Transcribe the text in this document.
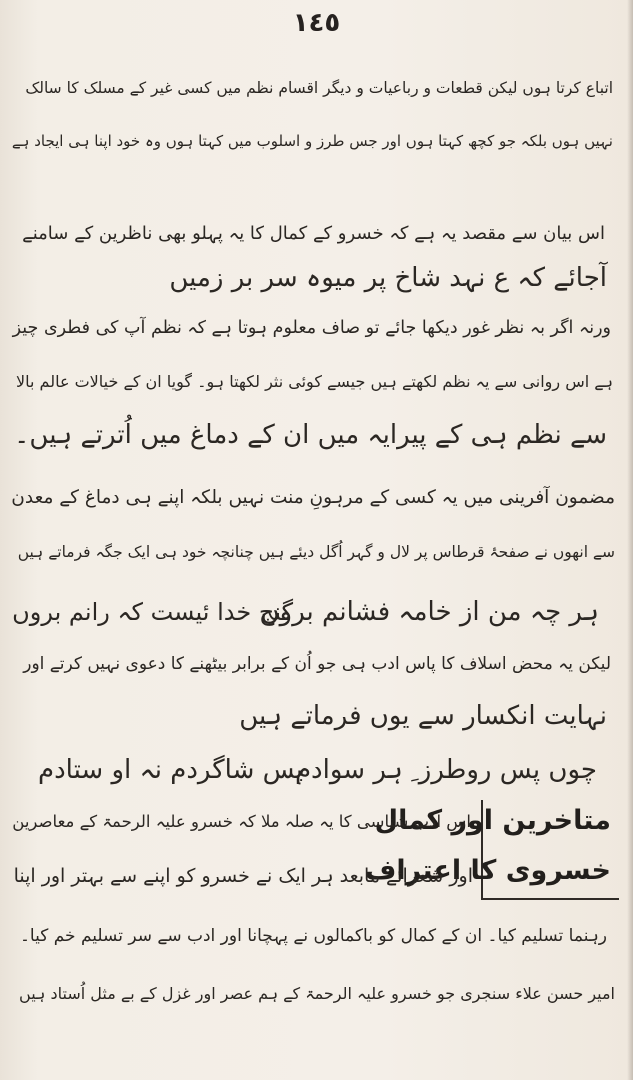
١٤٥
اتباع کرتا ہوں لیکن قطعات و رباعیات و دیگر اقسام نظم میں کسی غیر کے مسلک کا سالک
نہیں ہوں بلکہ جو کچھ کہتا ہوں اور جس طرز و اسلوب میں کہتا ہوں وہ خود اپنا ہی ایجاد ہے
اس بیان سے مقصد یہ ہے کہ خسرو کے کمال کا یہ پہلو بھی ناظرین کے سامنے
آجائے کہ ع نہد شاخ پر میوہ سر بر زمیں
ورنہ اگر بہ نظر غور دیکھا جائے تو صاف معلوم ہوتا ہے کہ نظم آپ کی فطری چیز
ہے اس روانی سے یہ نظم لکھتے ہیں جیسے کوئی نثر لکھتا ہو۔ گویا ان کے خیالات عالم بالا
سے نظم ہی کے پیرایہ میں ان کے دماغ میں اُترتے ہیں۔
مضمون آفرینی میں یہ کسی کے مرہونِ منت نہیں بلکہ اپنے ہی دماغ کے معدن
سے انھوں نے صفحۂ قرطاس پر لال و گہر اُگل دیئے ہیں چنانچہ خود ہی ایک جگہ فرماتے ہیں
ہر چہ من از خامہ فشانم بروں
گنج خدا ئیست کہ رانم بروں
لیکن یہ محض اسلاف کا پاس ادب ہی جو اُن کے برابر بیٹھنے کا دعوی نہیں کرتے اور
نہایت انکسار سے یوں فرماتے ہیں
چوں پس روطرز ِ ہر سوادم
پس شاگردم نہ او ستادم
متاخرین اور کمال
خسروی کا اعتراف
اس ادب شناسی کا یہ صلہ ملا کہ خسرو علیہ الرحمۃ کے معاصرین
اور شعرائے مابعد ہر ایک نے خسرو کو اپنے سے بہتر اور اپنا
رہنما تسلیم کیا۔ ان کے کمال کو باکمالوں نے پہچانا اور ادب سے سر تسلیم خم کیا۔
امیر حسن علاء سنجری جو خسرو علیہ الرحمۃ کے ہم عصر اور غزل کے بے مثل اُستاد ہیں
